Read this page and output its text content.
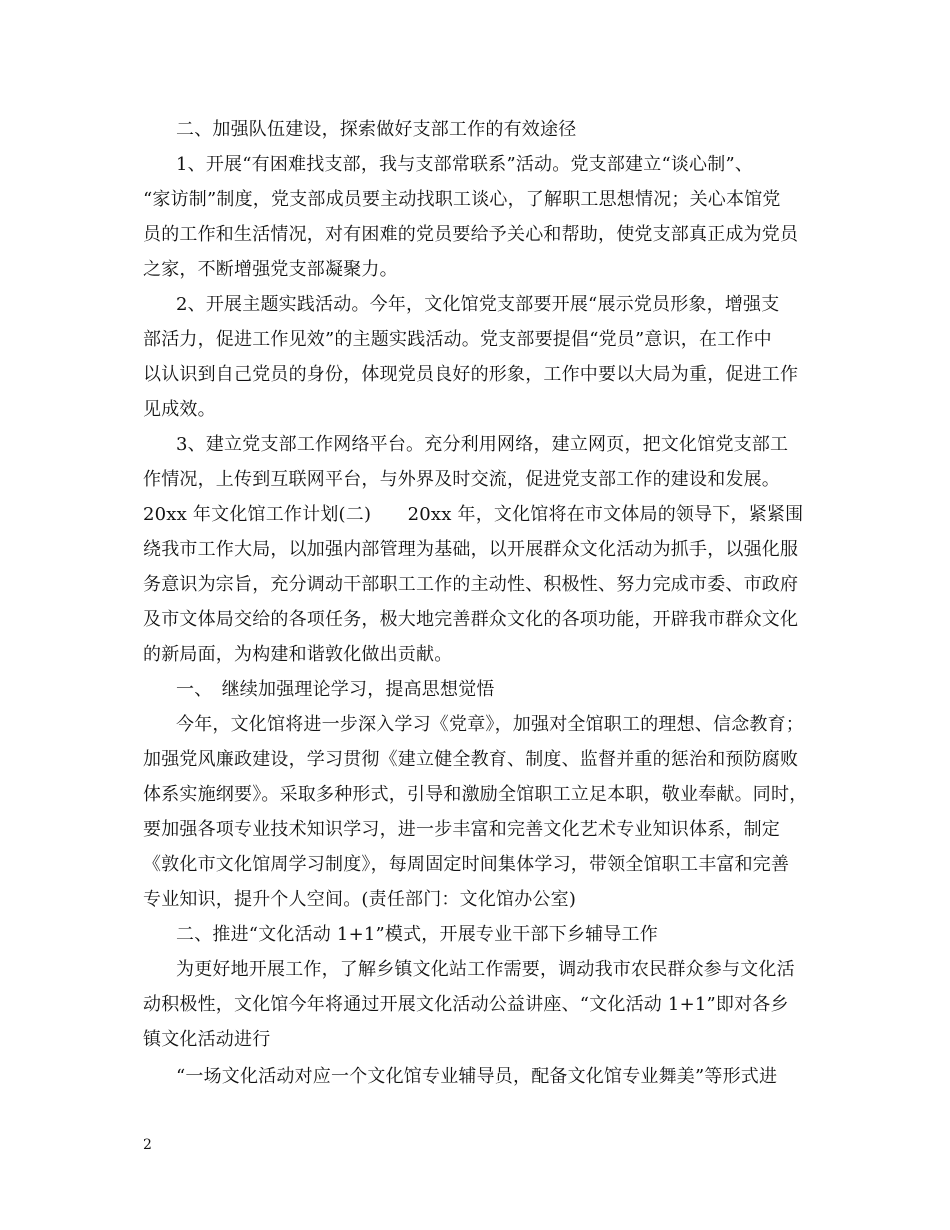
二、加强队伍建设，探索做好支部工作的有效途径
1、开展“有困难找支部，我与支部常联系”活动。党支部建立“谈心制”、
“家访制”制度，党支部成员要主动找职工谈心，了解职工思想情况；关心本馆党
员的工作和生活情况，对有困难的党员要给予关心和帮助，使党支部真正成为党员
之家，不断增强党支部凝聚力。
2、开展主题实践活动。今年，文化馆党支部要开展“展示党员形象，增强支
部活力，促进工作见效”的主题实践活动。党支部要提倡“党员”意识，在工作中
以认识到自己党员的身份，体现党员良好的形象，工作中要以大局为重，促进工作
见成效。
3、建立党支部工作网络平台。充分利用网络，建立网页，把文化馆党支部工
作情况，上传到互联网平台，与外界及时交流，促进党支部工作的建设和发展。
20xx 年文化馆工作计划(二)　　20xx 年，文化馆将在市文体局的领导下，紧紧围
绕我市工作大局，以加强内部管理为基础，以开展群众文化活动为抓手，以强化服
务意识为宗旨，充分调动干部职工工作的主动性、积极性、努力完成市委、市政府
及市文体局交给的各项任务，极大地完善群众文化的各项功能，开辟我市群众文化
的新局面，为构建和谐敦化做出贡献。
一、　继续加强理论学习，提高思想觉悟
今年，文化馆将进一步深入学习《党章》，加强对全馆职工的理想、信念教育；
加强党风廉政建设，学习贯彻《建立健全教育、制度、监督并重的惩治和预防腐败
体系实施纲要》。采取多种形式，引导和激励全馆职工立足本职，敬业奉献。同时，
要加强各项专业技术知识学习，进一步丰富和完善文化艺术专业知识体系，制定
《敦化市文化馆周学习制度》，每周固定时间集体学习，带领全馆职工丰富和完善
专业知识，提升个人空间。(责任部门：文化馆办公室)
二、推进“文化活动 1+1”模式，开展专业干部下乡辅导工作
为更好地开展工作，了解乡镇文化站工作需要，调动我市农民群众参与文化活
动积极性，文化馆今年将通过开展文化活动公益讲座、“文化活动 1+1”即对各乡
镇文化活动进行
“一场文化活动对应一个文化馆专业辅导员，配备文化馆专业舞美”等形式进
2
